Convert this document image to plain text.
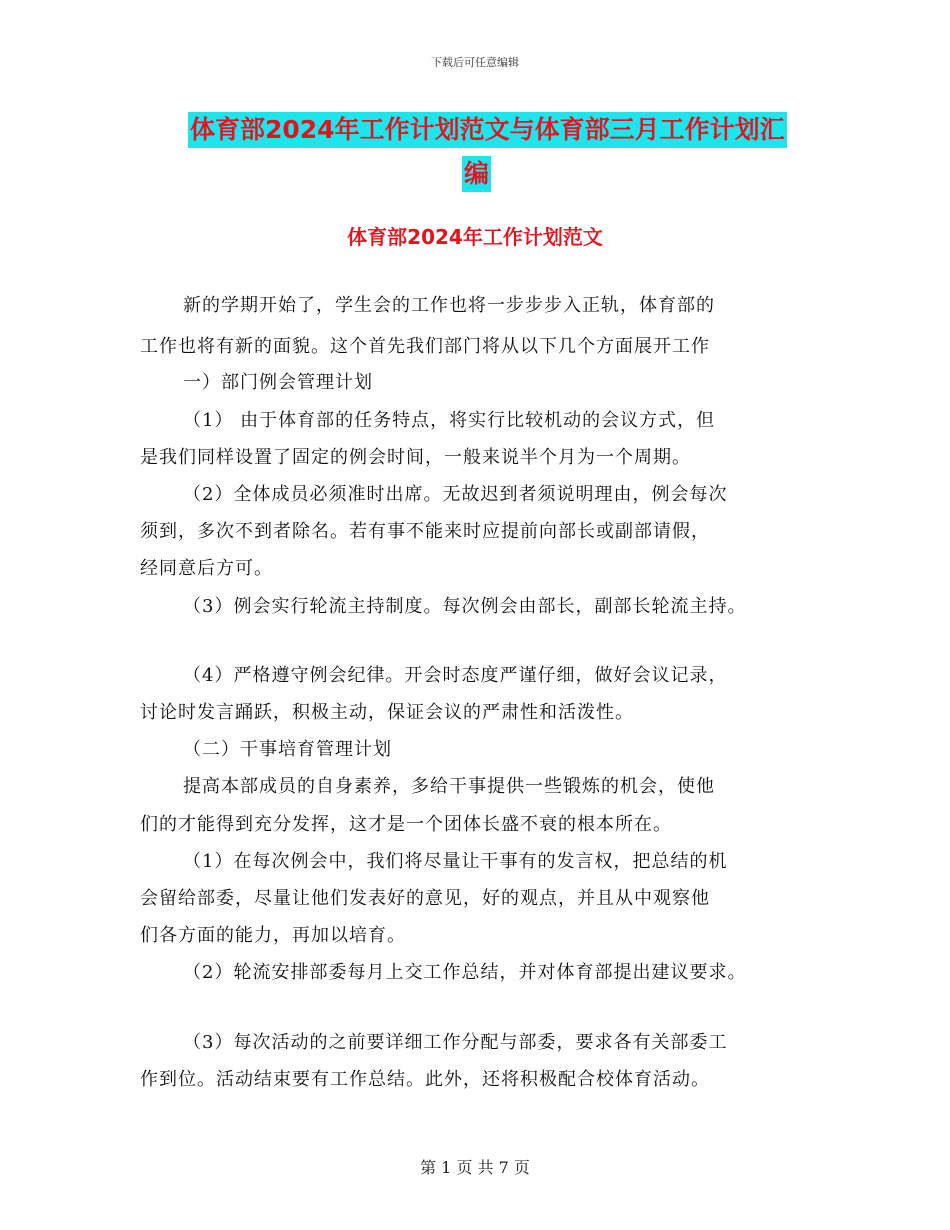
下载后可任意编辑
体育部2024年工作计划范文与体育部三月工作计划汇
编
体育部2024年工作计划范文
新的学期开始了，学生会的工作也将一步步步入正轨，体育部的
工作也将有新的面貌。这个首先我们部门将从以下几个方面展开工作
一）部门例会管理计划
（1） 由于体育部的任务特点，将实行比较机动的会议方式，但
是我们同样设置了固定的例会时间，一般来说半个月为一个周期。
（2）全体成员必须准时出席。无故迟到者须说明理由，例会每次
须到，多次不到者除名。若有事不能来时应提前向部长或副部请假，
经同意后方可。
（3）例会实行轮流主持制度。每次例会由部长，副部长轮流主持。
（4）严格遵守例会纪律。开会时态度严谨仔细，做好会议记录，
讨论时发言踊跃，积极主动，保证会议的严肃性和活泼性。
（二）干事培育管理计划
提高本部成员的自身素养，多给干事提供一些锻炼的机会，使他
们的才能得到充分发挥，这才是一个团体长盛不衰的根本所在。
（1）在每次例会中，我们将尽量让干事有的发言权，把总结的机
会留给部委，尽量让他们发表好的意见，好的观点，并且从中观察他
们各方面的能力，再加以培育。
（2）轮流安排部委每月上交工作总结，并对体育部提出建议要求。
（3）每次活动的之前要详细工作分配与部委，要求各有关部委工
作到位。活动结束要有工作总结。此外，还将积极配合校体育活动。
第 1 页 共 7 页
